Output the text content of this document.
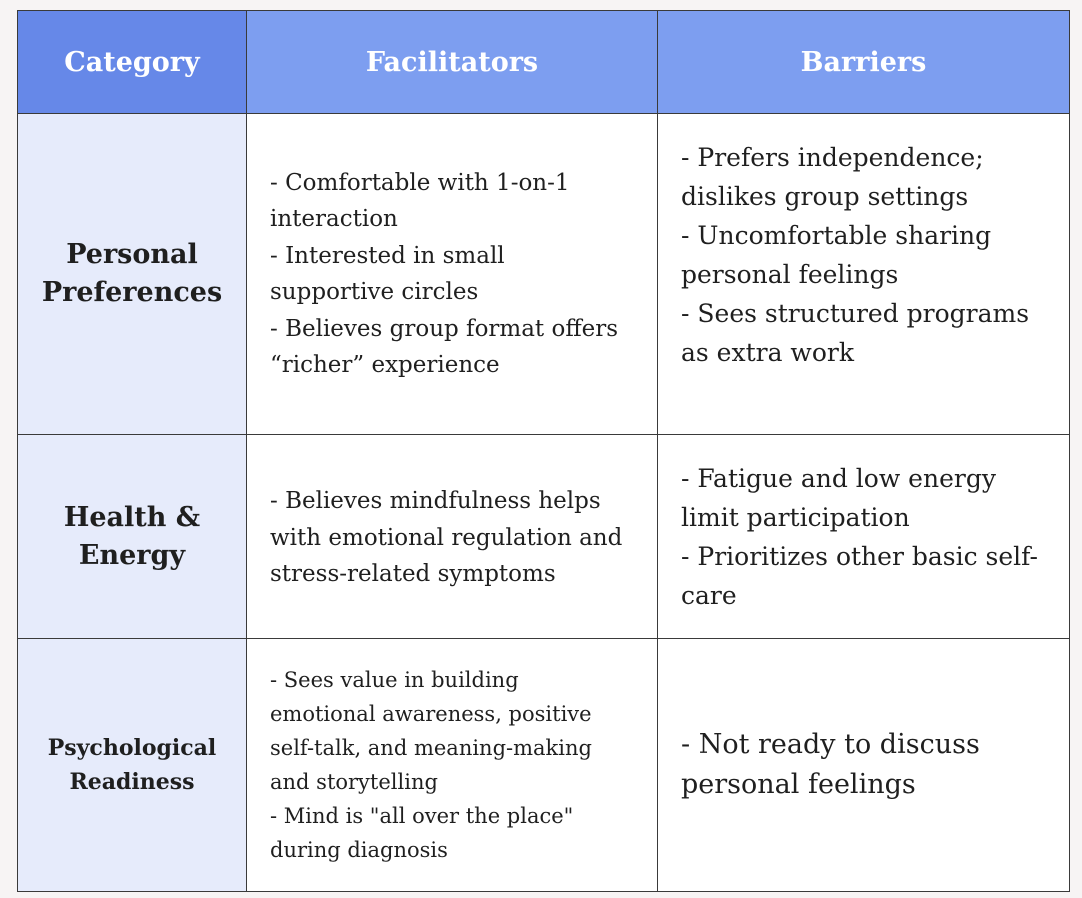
Category	Facilitators	Barriers
Personal
Preferences
- Comfortable with 1-on-1
interaction
- Interested in small
supportive circles
- Believes group format offers
“richer” experience
- Prefers independence;
dislikes group settings
- Uncomfortable sharing
personal feelings
- Sees structured programs
as extra work
Health &
Energy
- Believes mindfulness helps
with emotional regulation and
stress-related symptoms
- Fatigue and low energy
limit participation
- Prioritizes other basic self-
care
Psychological
Readiness
- Sees value in building
emotional awareness, positive
self-talk, and meaning-making
and storytelling
- Mind is "all over the place"
during diagnosis
- Not ready to discuss
personal feelings
